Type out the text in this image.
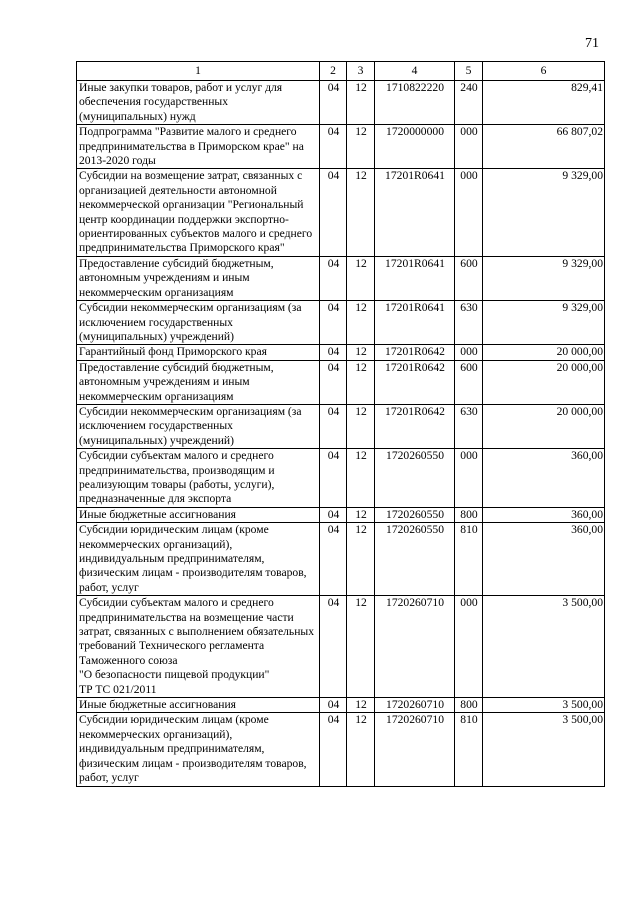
71
1	2	3	4	5	6
Иные закупки товаров, работ и услуг для обеспечения государственных (муниципальных) нужд	04	12	1710822220	240	829,41
Подпрограмма "Развитие малого и среднего предпринимательства в Приморском крае" на 2013-2020 годы	04	12	1720000000	000	66 807,02
Субсидии на возмещение затрат, связанных с организацией деятельности автономной некоммерческой организации "Региональный центр координации поддержки экспортно-ориентированных субъектов малого и среднего предпринимательства Приморского края"	04	12	17201R0641	000	9 329,00
Предоставление субсидий бюджетным, автономным учреждениям и иным некоммерческим организациям	04	12	17201R0641	600	9 329,00
Субсидии некоммерческим организациям (за исключением государственных (муниципальных) учреждений)	04	12	17201R0641	630	9 329,00
Гарантийный фонд Приморского края	04	12	17201R0642	000	20 000,00
Предоставление субсидий бюджетным, автономным учреждениям и иным некоммерческим организациям	04	12	17201R0642	600	20 000,00
Субсидии некоммерческим организациям (за исключением государственных (муниципальных) учреждений)	04	12	17201R0642	630	20 000,00
Субсидии субъектам малого и среднего предпринимательства, производящим и реализующим товары (работы, услуги), предназначенные для экспорта	04	12	1720260550	000	360,00
Иные бюджетные ассигнования	04	12	1720260550	800	360,00
Субсидии юридическим лицам (кроме некоммерческих организаций), индивидуальным предпринимателям, физическим лицам - производителям товаров, работ, услуг	04	12	1720260550	810	360,00
Субсидии субъектам малого и среднего предпринимательства на возмещение части затрат, связанных с выполнением обязательных требований Технического регламента Таможенного союза
"О безопасности пищевой продукции"
ТР ТС 021/2011	04	12	1720260710	000	3 500,00
Иные бюджетные ассигнования	04	12	1720260710	800	3 500,00
Субсидии юридическим лицам (кроме некоммерческих организаций), индивидуальным предпринимателям, физическим лицам - производителям товаров, работ, услуг	04	12	1720260710	810	3 500,00
